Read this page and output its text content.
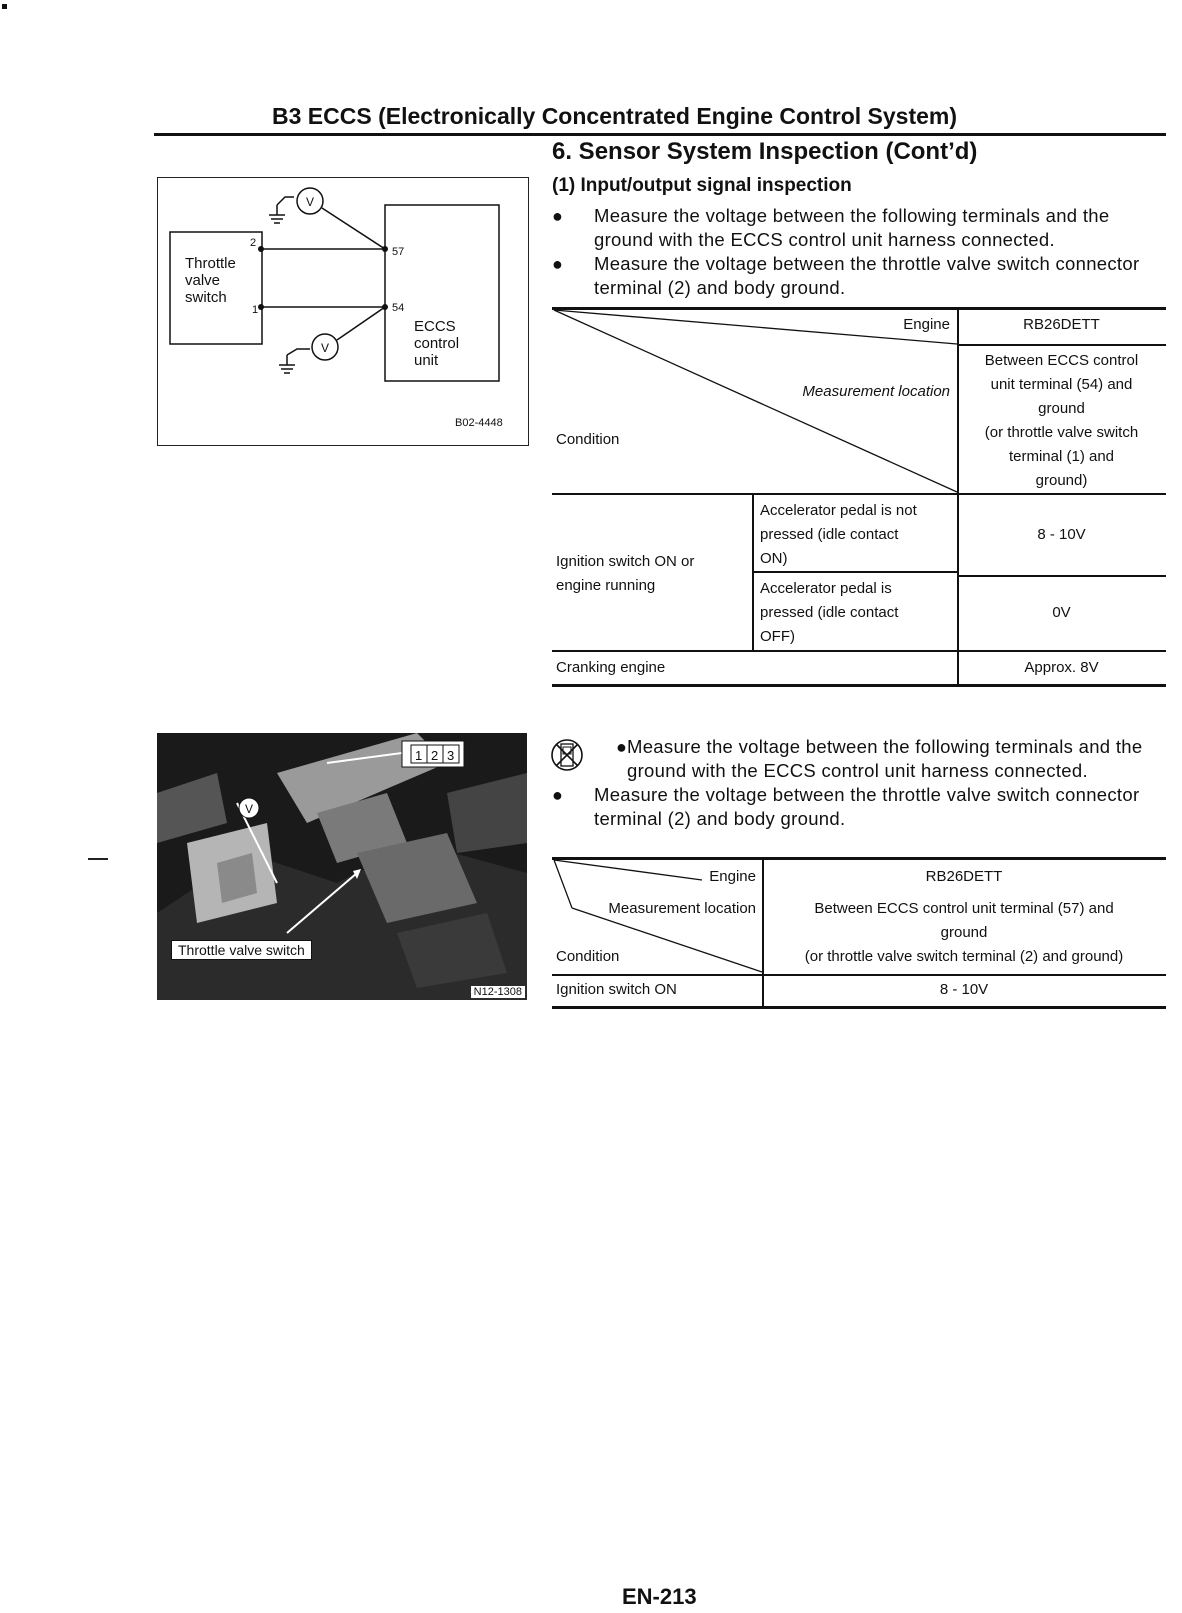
B3 ECCS (Electronically Concentrated Engine Control System)
6. Sensor System Inspection (Cont’d)
(1) Input/output signal inspection
● Measure the voltage between the following terminals and the ground with the ECCS control unit harness connected.
● Measure the voltage between the throttle valve switch connector terminal (2) and body ground.
Throttle
valve
switch
2
1
57
54
V
V
ECCS
control
unit
B02-4448
Engine
Measurement location
Condition
RB26DETT
Between ECCS control
unit terminal (54) and
ground
(or throttle valve switch
terminal (1) and
ground)
Ignition switch ON or
engine running
Accelerator pedal is not
pressed (idle contact
ON)
8 - 10V
Accelerator pedal is
pressed (idle contact
OFF)
0V
Cranking engine	Approx. 8V
1 2 3
V
Throttle valve switch
N12-1308
● Measure the voltage between the following terminals and the ground with the ECCS control unit harness connected.
● Measure the voltage between the throttle valve switch connector terminal (2) and body ground.
Engine
Measurement location
Condition
RB26DETT
Between ECCS control unit terminal (57) and
ground
(or throttle valve switch terminal (2) and ground)
Ignition switch ON	8 - 10V
EN-213
